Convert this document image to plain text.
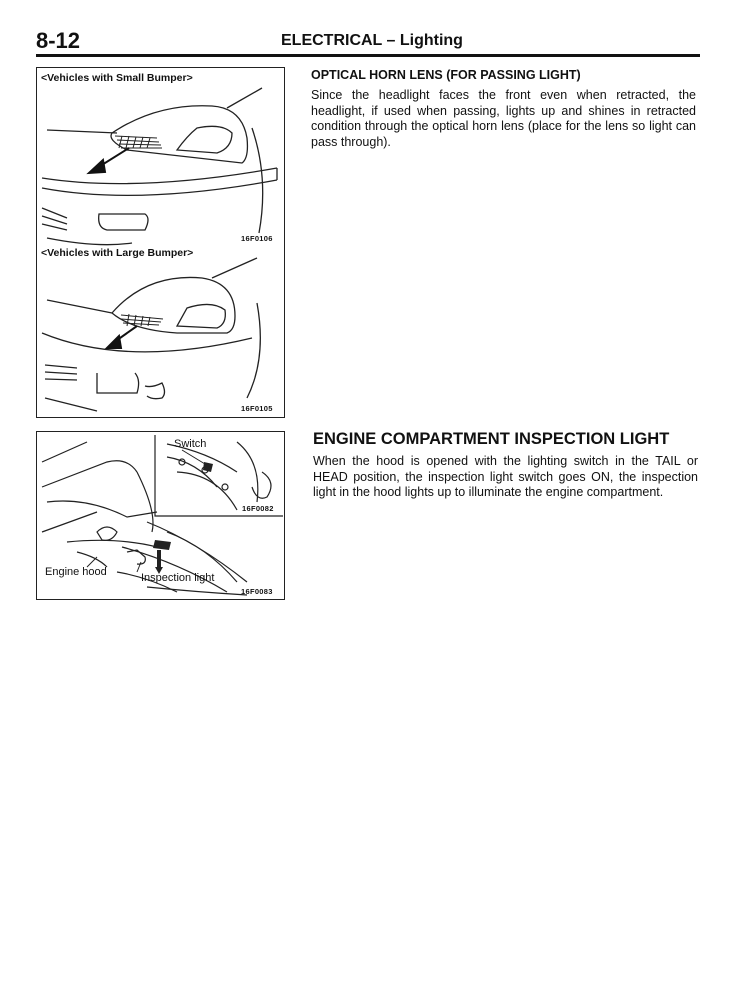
8-12	ELECTRICAL – Lighting
<Vehicles with Small Bumper>
16F0106
<Vehicles with Large Bumper>
16F0105
Switch
16F0082
Engine hood	Inspection light
16F0083
OPTICAL HORN LENS (FOR PASSING LIGHT)

Since the headlight faces the front even when retracted, the headlight, if used when passing, lights up and shines in retracted condition through the optical horn lens (place for the lens so light can pass through).

ENGINE COMPARTMENT INSPECTION LIGHT

When the hood is opened with the lighting switch in the TAIL or HEAD position, the inspection light switch goes ON, the inspection light in the hood lights up to illuminate the engine compartment.
